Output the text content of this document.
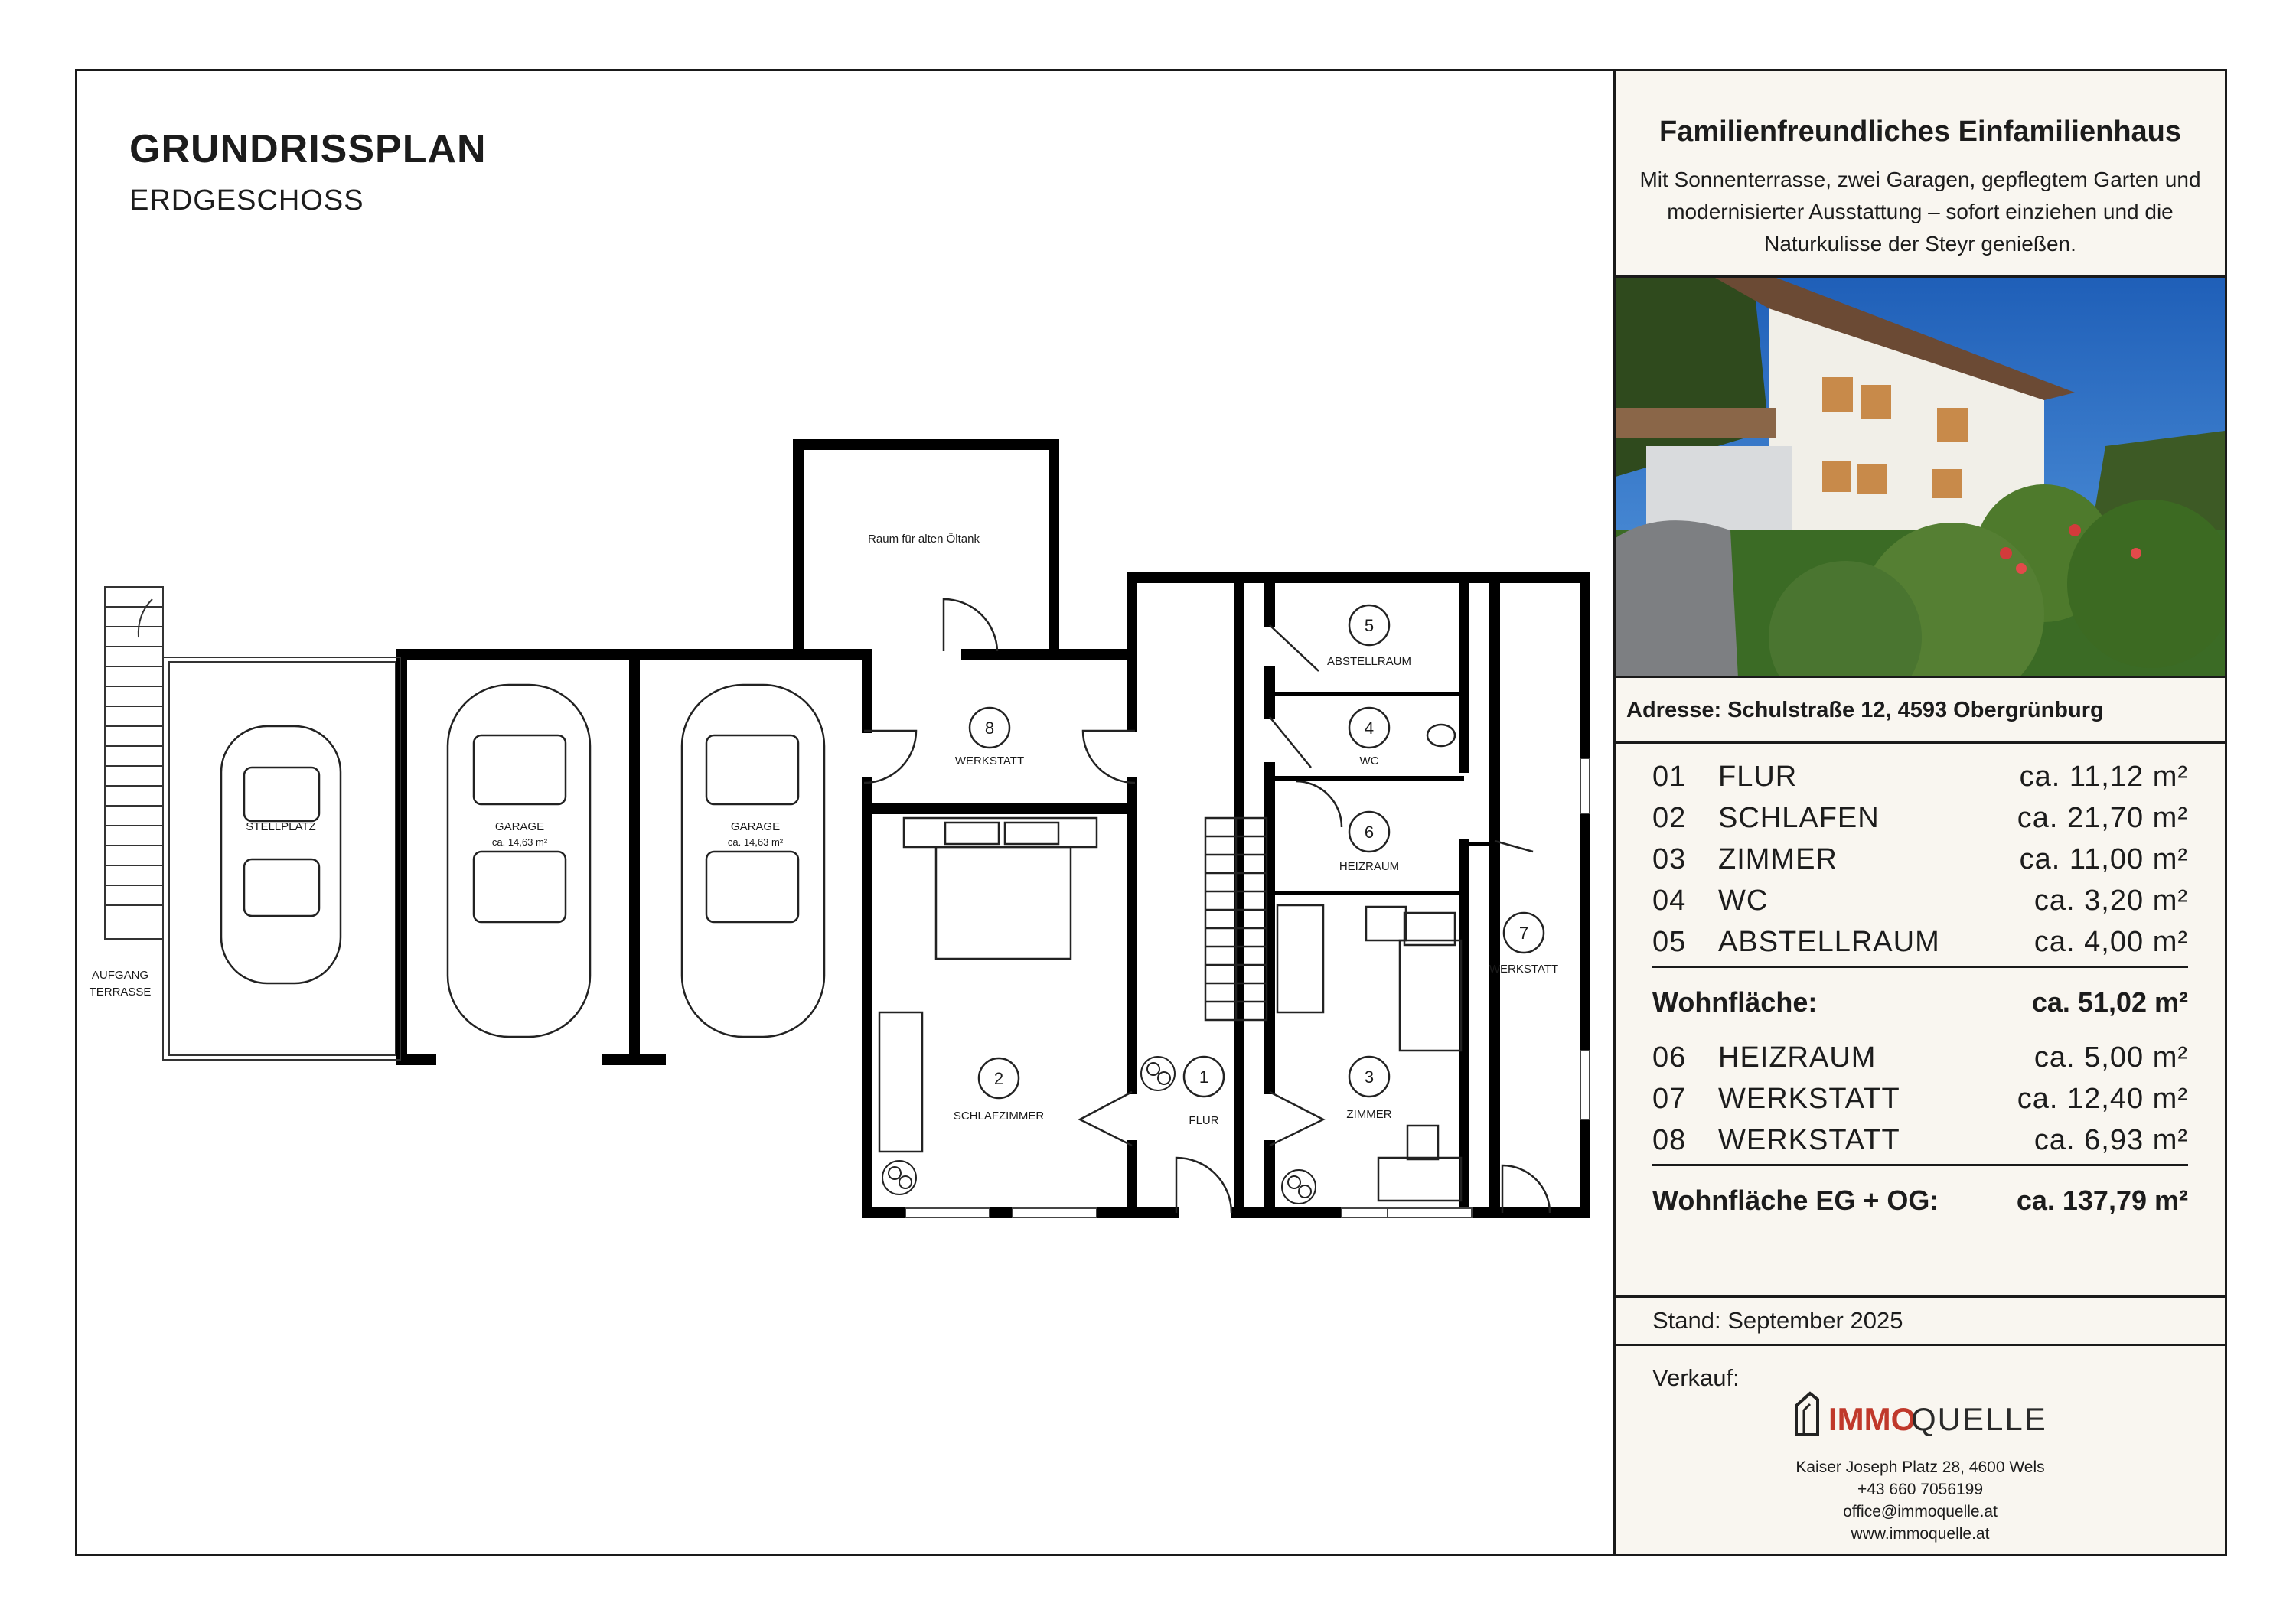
GRUNDRISSPLAN
ERDGESCHOSS
8
5
4
6
7
2	1	3
Raum für alten Öltank
ABSTELLRAUM
WC
WERKSTATT
HEIZRAUM
WERKSTATT
SCHLAFZIMMER	FLUR	ZIMMER
STELLPLATZ	GARAGE
ca. 14,63 m²
GARAGE
ca. 14,63 m²
AUFGANG
TERRASSE
Familienfreundliches Einfamilienhaus

Mit Sonnenterrasse, zwei Garagen, gepflegtem Garten und modernisierter Ausstattung – sofort einziehen und die Naturkulisse der Steyr genießen.

Adresse: Schulstraße 12, 4593 Obergrünburg
01	FLUR	ca. 11,12 m²
02	SCHLAFEN	ca. 21,70 m²
03	ZIMMER	ca. 11,00 m²
04	WC	ca. 3,20 m²
05	ABSTELLRAUM	ca. 4,00 m²
Wohnfläche:	ca. 51,02 m²
06	HEIZRAUM	ca. 5,00 m²
07	WERKSTATT	ca. 12,40 m²
08	WERKSTATT	ca. 6,93 m²
Wohnfläche EG + OG:	ca. 137,79 m²
Stand: September 2025
Verkauf:
IMMO
QUELLE
Kaiser Joseph Platz 28, 4600 Wels
+43 660 7056199
office@immoquelle.at
www.immoquelle.at
